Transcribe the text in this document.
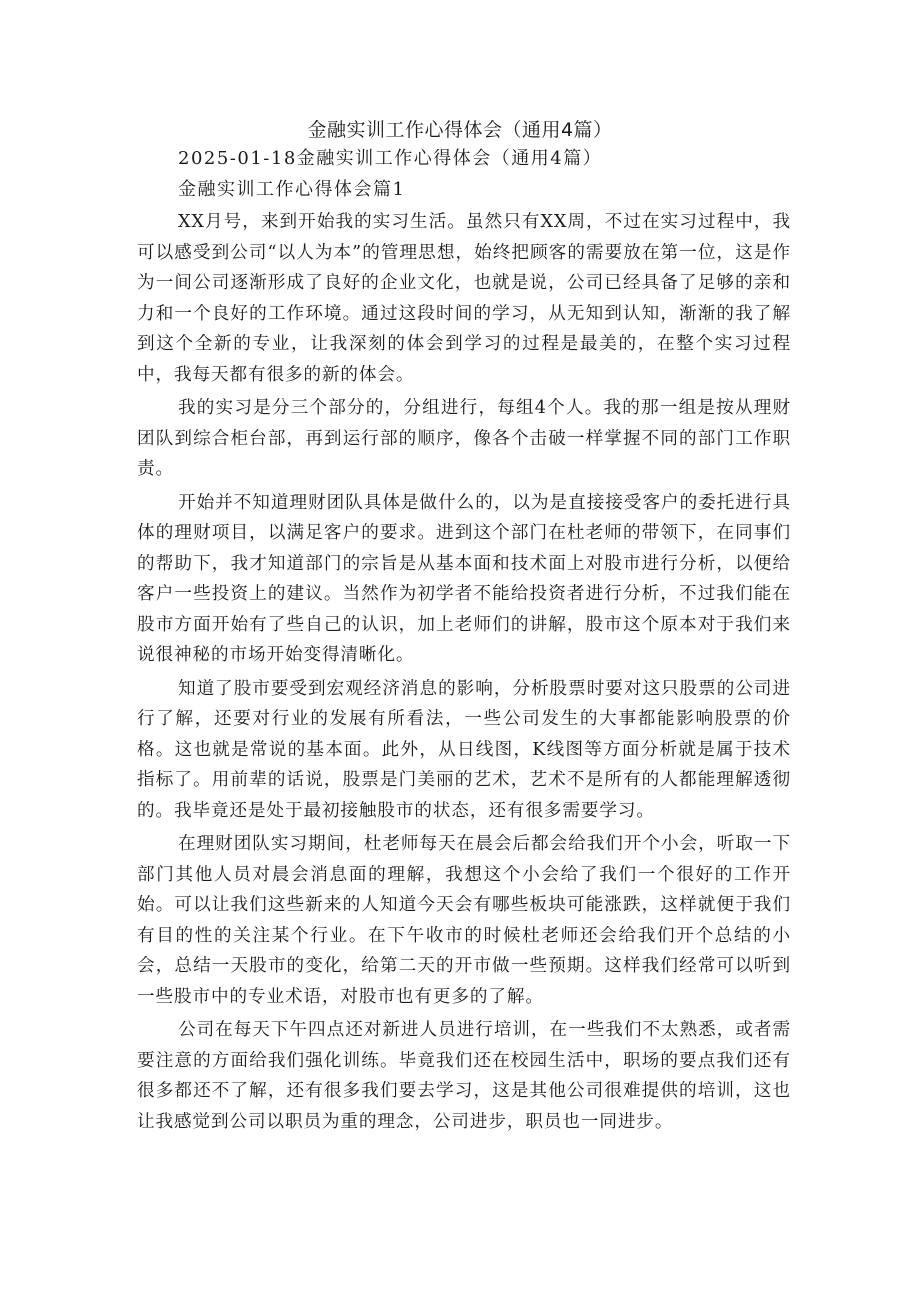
金融实训工作心得体会（通用4篇）

2025-01-18金融实训工作心得体会（通用4篇）

金融实训工作心得体会篇1

XX月号，来到开始我的实习生活。虽然只有XX周，不过在实习过程中，我可以感受到公司“以人为本”的管理思想，始终把顾客的需要放在第一位，这是作为一间公司逐渐形成了良好的企业文化，也就是说，公司已经具备了足够的亲和力和一个良好的工作环境。通过这段时间的学习，从无知到认知，渐渐的我了解到这个全新的专业，让我深刻的体会到学习的过程是最美的，在整个实习过程中，我每天都有很多的新的体会。

我的实习是分三个部分的，分组进行，每组4个人。我的那一组是按从理财团队到综合柜台部，再到运行部的顺序，像各个击破一样掌握不同的部门工作职责。

开始并不知道理财团队具体是做什么的，以为是直接接受客户的委托进行具体的理财项目，以满足客户的要求。进到这个部门在杜老师的带领下，在同事们的帮助下，我才知道部门的宗旨是从基本面和技术面上对股市进行分析，以便给客户一些投资上的建议。当然作为初学者不能给投资者进行分析，不过我们能在股市方面开始有了些自己的认识，加上老师们的讲解，股市这个原本对于我们来说很神秘的市场开始变得清晰化。

知道了股市要受到宏观经济消息的影响，分析股票时要对这只股票的公司进行了解，还要对行业的发展有所看法，一些公司发生的大事都能影响股票的价格。这也就是常说的基本面。此外，从日线图，K线图等方面分析就是属于技术指标了。用前辈的话说，股票是门美丽的艺术，艺术不是所有的人都能理解透彻的。我毕竟还是处于最初接触股市的状态，还有很多需要学习。

在理财团队实习期间，杜老师每天在晨会后都会给我们开个小会，听取一下部门其他人员对晨会消息面的理解，我想这个小会给了我们一个很好的工作开始。可以让我们这些新来的人知道今天会有哪些板块可能涨跌，这样就便于我们有目的性的关注某个行业。在下午收市的时候杜老师还会给我们开个总结的小会，总结一天股市的变化，给第二天的开市做一些预期。这样我们经常可以听到一些股市中的专业术语，对股市也有更多的了解。

公司在每天下午四点还对新进人员进行培训，在一些我们不太熟悉，或者需要注意的方面给我们强化训练。毕竟我们还在校园生活中，职场的要点我们还有很多都还不了解，还有很多我们要去学习，这是其他公司很难提供的培训，这也让我感觉到公司以职员为重的理念，公司进步，职员也一同进步。
